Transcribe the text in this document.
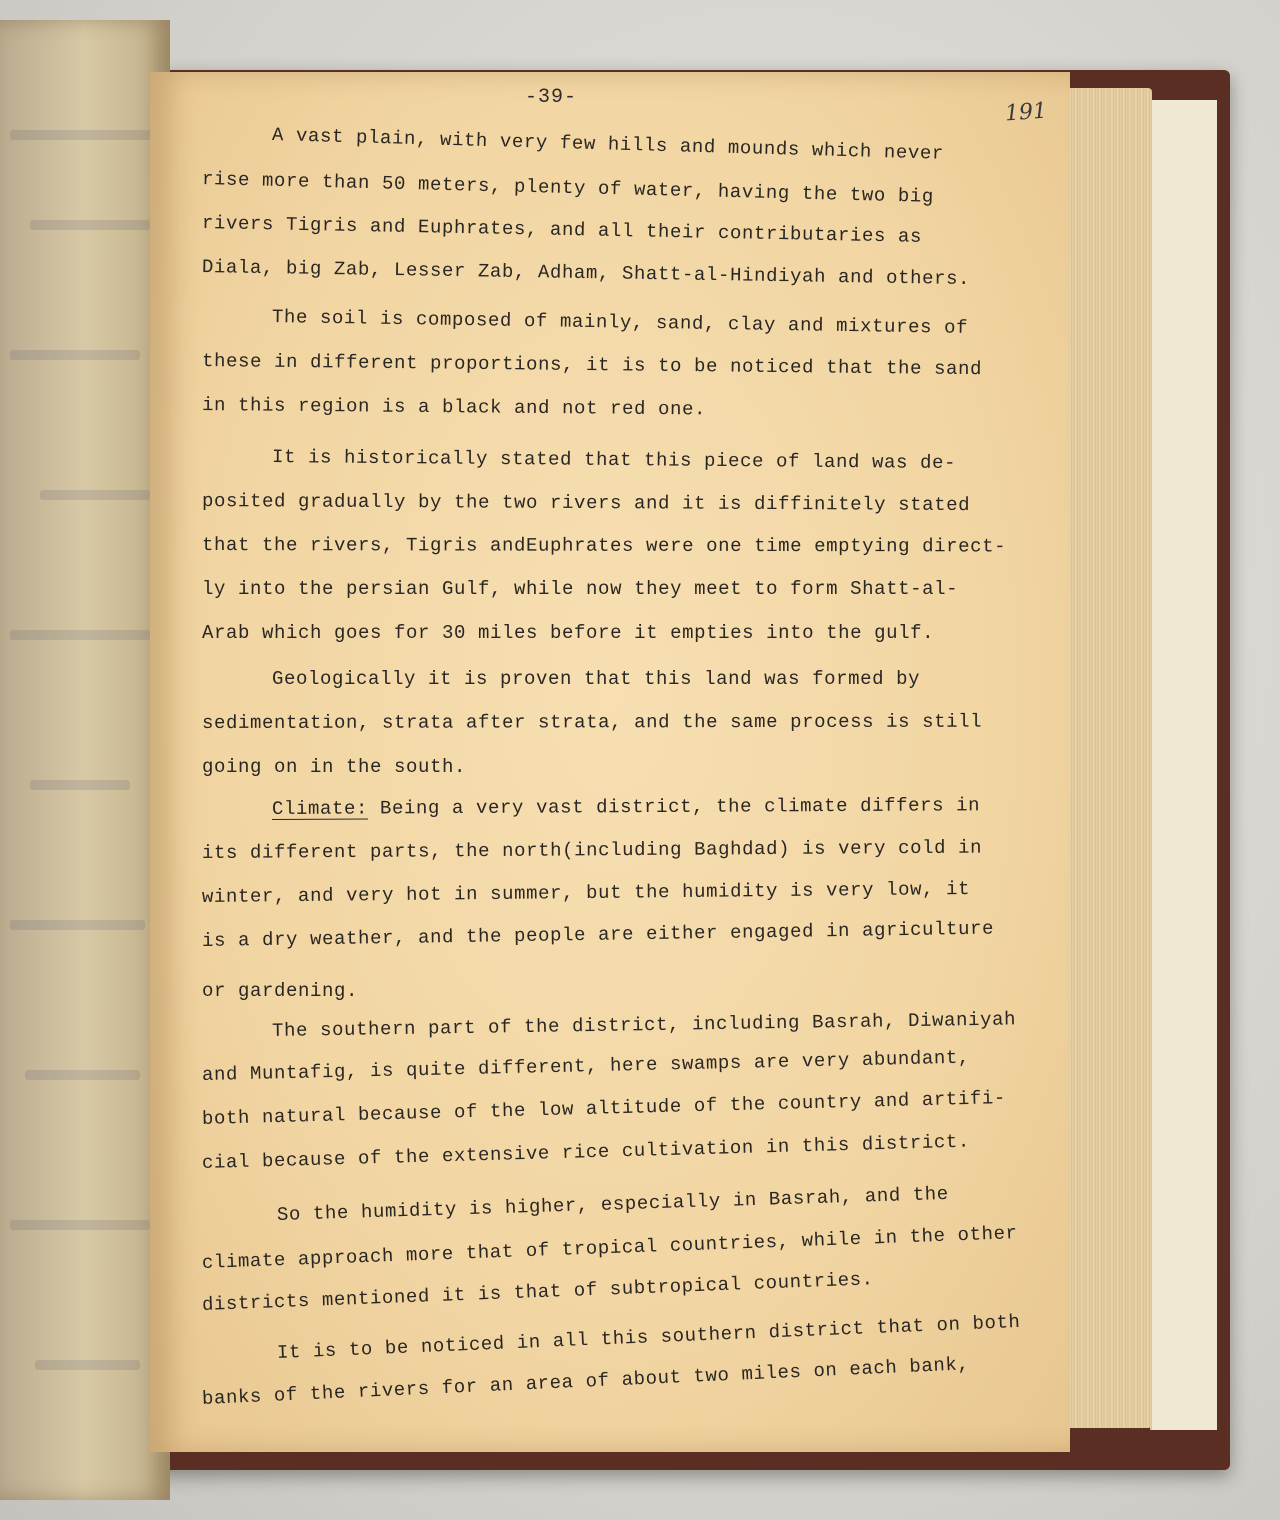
-39-
191
A vast plain, with very few hills and mounds which never
rise more than 50 meters, plenty of water, having the two big
rivers Tigris and Euphrates, and all their contributaries as
Diala, big Zab, Lesser Zab, Adham, Shatt-al-Hindiyah and others.
The soil is composed of mainly, sand, clay and mixtures of
these in different proportions, it is to be noticed that the sand
in this region is a black and not red one.
It is historically stated that this piece of land was de-
posited gradually by the two rivers and it is diffinitely stated
that the rivers, Tigris andEuphrates were one time emptying direct-
ly into the persian Gulf, while now they meet to form Shatt-al-
Arab which goes for 30 miles before it empties into the gulf.
Geologically it is proven that this land was formed by
sedimentation, strata after strata, and the same process is still
going on in the south.
Climate: Being a very vast district, the climate differs in
its different parts, the north(including Baghdad) is very cold in
winter, and very hot in summer, but the humidity is very low, it
is a dry weather, and the people are either engaged in agriculture
or gardening.
The southern part of the district, including Basrah, Diwaniyah
and Muntafig, is quite different, here swamps are very abundant,
both natural because of the low altitude of the country and artifi-
cial because of the extensive rice cultivation in this district.
So the humidity is higher, especially in Basrah, and the
climate approach more that of tropical countries, while in the other
districts mentioned it is that of subtropical countries.
It is to be noticed in all this southern district that on both
banks of the rivers for an area of about two miles on each bank,
